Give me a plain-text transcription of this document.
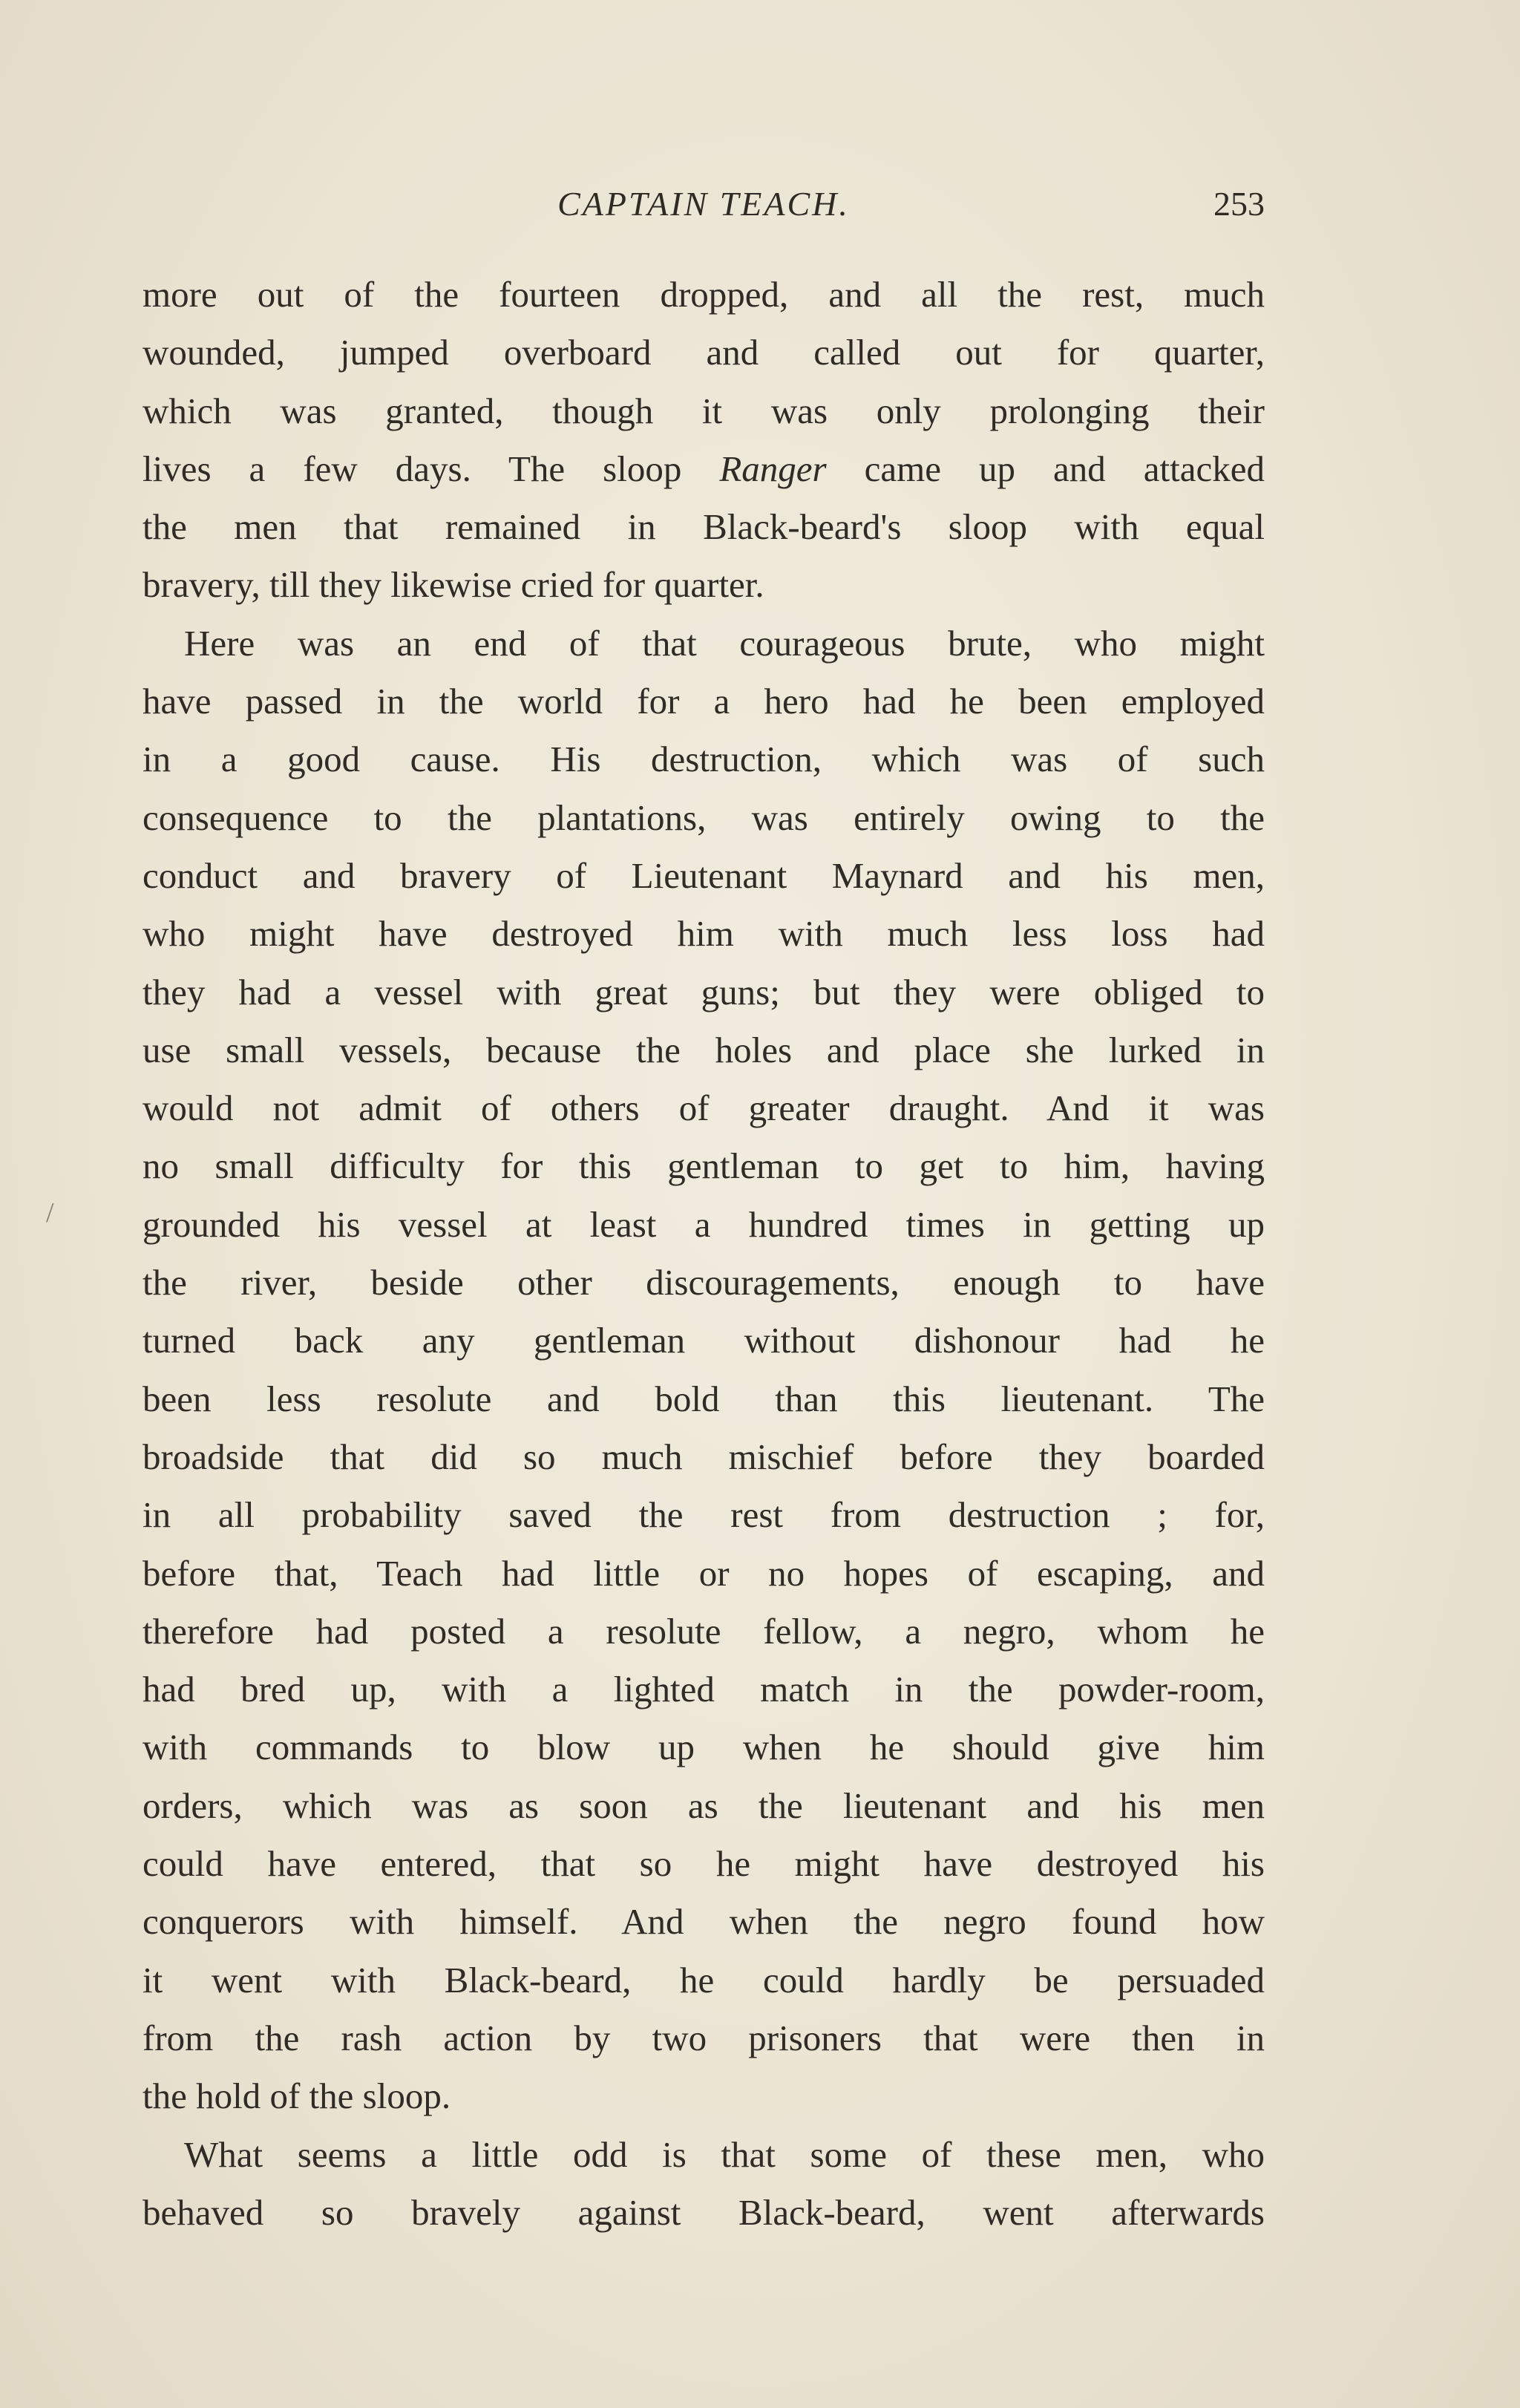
CAPTAIN TEACH.	253
/
more out of the fourteen dropped, and all the rest, much
wounded, jumped overboard and called out for quarter,
which was granted, though it was only prolonging their
lives a few days. The sloop Ranger came up and attacked
the men that remained in Black-beard's sloop with equal
bravery, till they likewise cried for quarter.
Here was an end of that courageous brute, who might
have passed in the world for a hero had he been employed
in a good cause. His destruction, which was of such
consequence to the plantations, was entirely owing to the
conduct and bravery of Lieutenant Maynard and his men,
who might have destroyed him with much less loss had
they had a vessel with great guns; but they were obliged to
use small vessels, because the holes and place she lurked in
would not admit of others of greater draught. And it was
no small difficulty for this gentleman to get to him, having
grounded his vessel at least a hundred times in getting up
the river, beside other discouragements, enough to have
turned back any gentleman without dishonour had he
been less resolute and bold than this lieutenant. The
broadside that did so much mischief before they boarded
in all probability saved the rest from destruction ; for,
before that, Teach had little or no hopes of escaping, and
therefore had posted a resolute fellow, a negro, whom he
had bred up, with a lighted match in the powder-room,
with commands to blow up when he should give him
orders, which was as soon as the lieutenant and his men
could have entered, that so he might have destroyed his
conquerors with himself. And when the negro found how
it went with Black-beard, he could hardly be persuaded
from the rash action by two prisoners that were then in
the hold of the sloop.
What seems a little odd is that some of these men, who
behaved so bravely against Black-beard, went afterwards
